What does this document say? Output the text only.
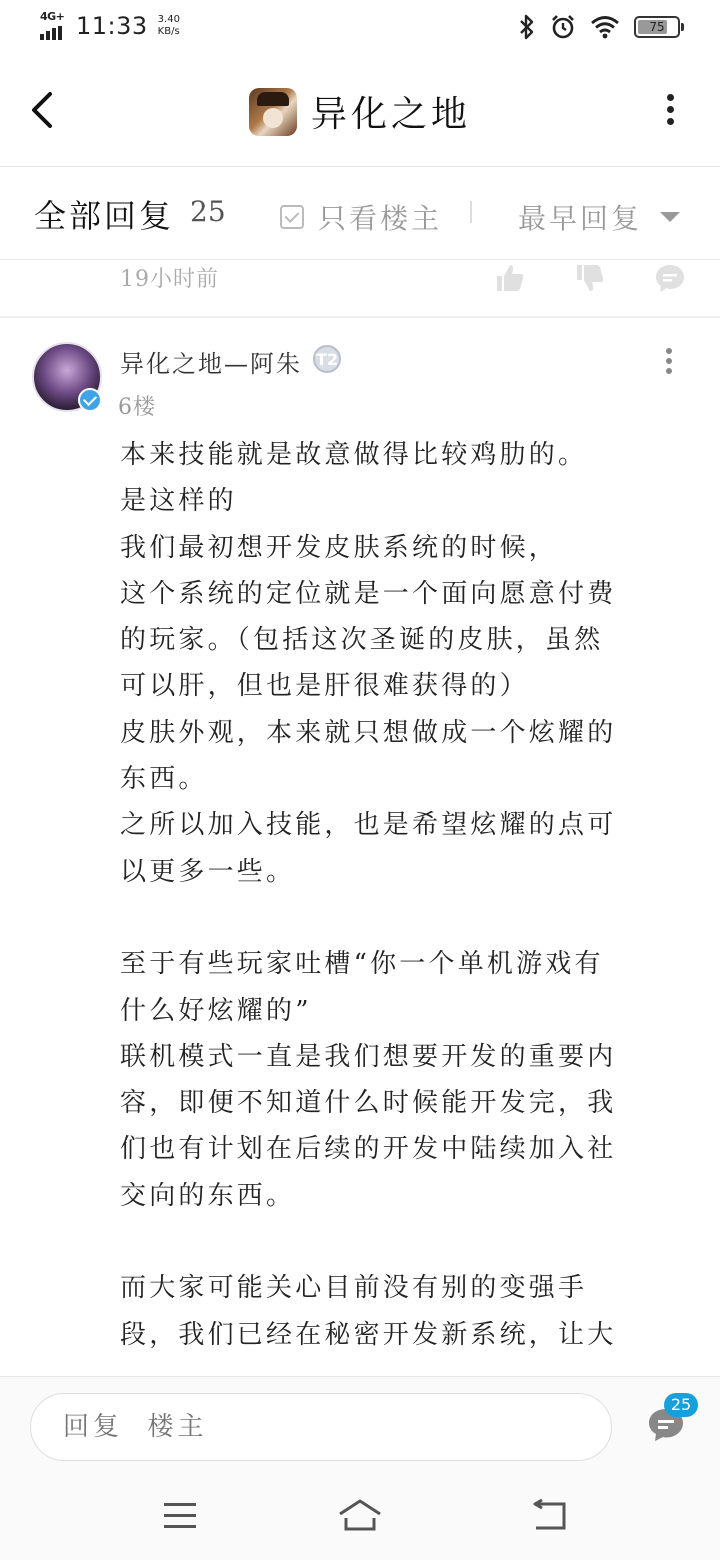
4G+ 11:33 3.40
KB/s	75
异化之地
全部回复 25	只看楼主	最早回复
19小时前
异化之地—阿朱 T2
6楼

本来技能就是故意做得比较鸡肋的。

是这样的

我们最初想开发皮肤系统的时候，

这个系统的定位就是一个面向愿意付费

的玩家。（包括这次圣诞的皮肤，虽然

可以肝，但也是肝很难获得的）

皮肤外观，本来就只想做成一个炫耀的

东西。

之所以加入技能，也是希望炫耀的点可

以更多一些。

至于有些玩家吐槽“你一个单机游戏有

什么好炫耀的”

联机模式一直是我们想要开发的重要内

容，即便不知道什么时候能开发完，我

们也有计划在后续的开发中陆续加入社

交向的东西。

而大家可能关心目前没有别的变强手

段，我们已经在秘密开发新系统，让大

回复 楼主
25
